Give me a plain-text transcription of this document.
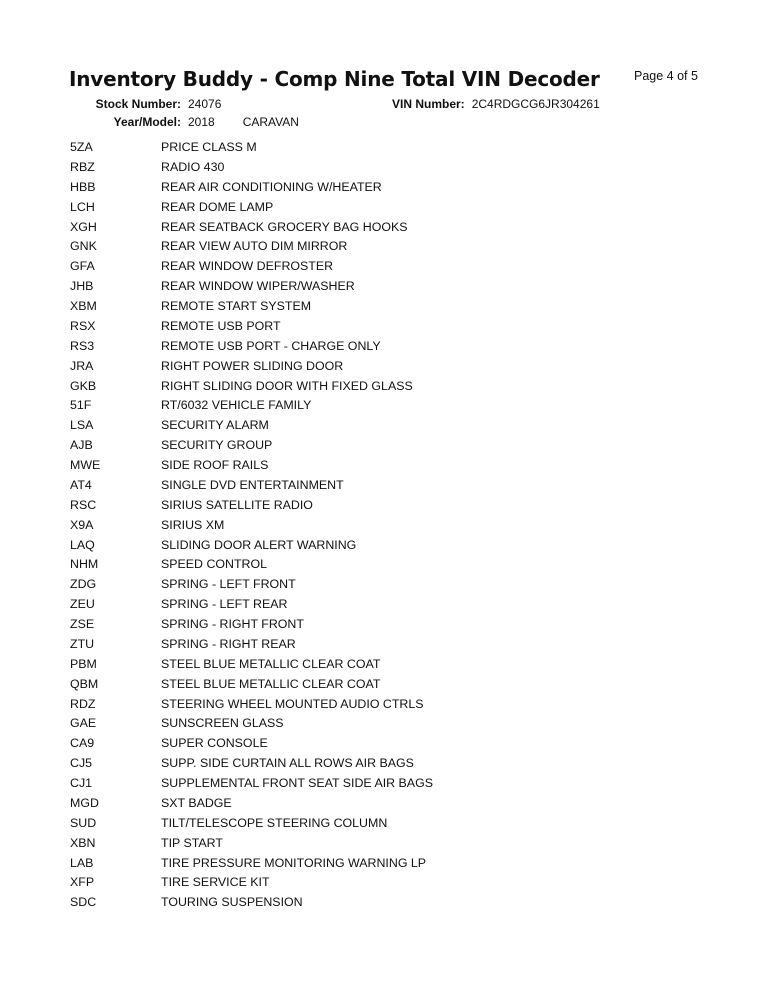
Inventory Buddy - Comp Nine Total VIN Decoder	Page 4 of 5
Stock Number: 24076	VIN Number: 2C4RDGCG6JR304261
Year/Model: 2018 CARAVAN
5ZA	PRICE CLASS M
RBZ	RADIO 430
HBB	REAR AIR CONDITIONING W/HEATER
LCH	REAR DOME LAMP
XGH	REAR SEATBACK GROCERY BAG HOOKS
GNK	REAR VIEW AUTO DIM MIRROR
GFA	REAR WINDOW DEFROSTER
JHB	REAR WINDOW WIPER/WASHER
XBM	REMOTE START SYSTEM
RSX	REMOTE USB PORT
RS3	REMOTE USB PORT - CHARGE ONLY
JRA	RIGHT POWER SLIDING DOOR
GKB	RIGHT SLIDING DOOR WITH FIXED GLASS
51F	RT/6032 VEHICLE FAMILY
LSA	SECURITY ALARM
AJB	SECURITY GROUP
MWE	SIDE ROOF RAILS
AT4	SINGLE DVD ENTERTAINMENT
RSC	SIRIUS SATELLITE RADIO
X9A	SIRIUS XM
LAQ	SLIDING DOOR ALERT WARNING
NHM	SPEED CONTROL
ZDG	SPRING - LEFT FRONT
ZEU	SPRING - LEFT REAR
ZSE	SPRING - RIGHT FRONT
ZTU	SPRING - RIGHT REAR
PBM	STEEL BLUE METALLIC CLEAR COAT
QBM	STEEL BLUE METALLIC CLEAR COAT
RDZ	STEERING WHEEL MOUNTED AUDIO CTRLS
GAE	SUNSCREEN GLASS
CA9	SUPER CONSOLE
CJ5	SUPP. SIDE CURTAIN ALL ROWS AIR BAGS
CJ1	SUPPLEMENTAL FRONT SEAT SIDE AIR BAGS
MGD	SXT BADGE
SUD	TILT/TELESCOPE STEERING COLUMN
XBN	TIP START
LAB	TIRE PRESSURE MONITORING WARNING LP
XFP	TIRE SERVICE KIT
SDC	TOURING SUSPENSION
